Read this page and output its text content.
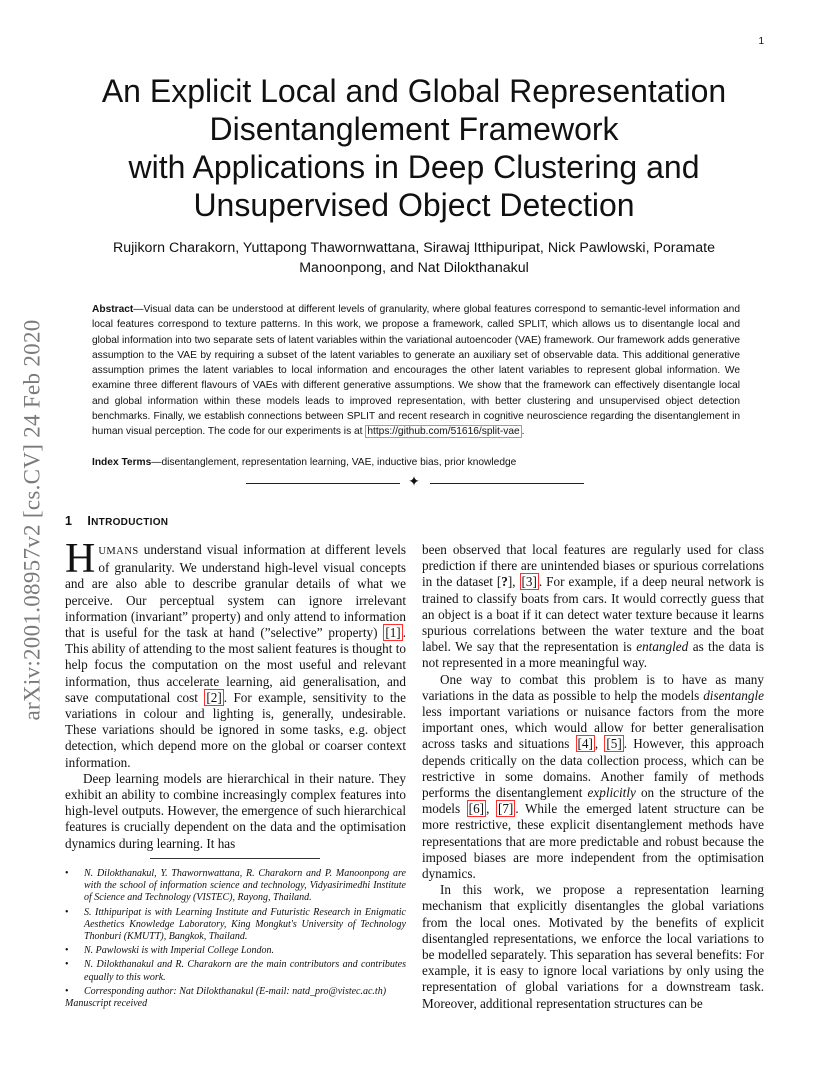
1
arXiv:2001.08957v2 [cs.CV] 24 Feb 2020
An Explicit Local and Global Representation
Disentanglement Framework
with Applications in Deep Clustering and
Unsupervised Object Detection
Rujikorn Charakorn, Yuttapong Thawornwattana, Sirawaj Itthipuripat, Nick Pawlowski, Poramate
Manoonpong, and Nat Dilokthanakul
Abstract—Visual data can be understood at different levels of granularity, where global features correspond to semantic-level information and local features correspond to texture patterns. In this work, we propose a framework, called SPLIT, which allows us to disentangle local and global information into two separate sets of latent variables within the variational autoencoder (VAE) framework. Our framework adds generative assumption to the VAE by requiring a subset of the latent variables to generate an auxiliary set of observable data. This additional generative assumption primes the latent variables to local information and encourages the other latent variables to represent global information. We examine three different flavours of VAEs with different generative assumptions. We show that the framework can effectively disentangle local and global information within these models leads to improved representation, with better clustering and unsupervised object detection benchmarks. Finally, we establish connections between SPLIT and recent research in cognitive neuroscience regarding the disentanglement in human visual perception. The code for our experiments is at https://github.com/51616/split-vae .
Index Terms—disentanglement, representation learning, VAE, inductive bias, prior knowledge
✦
1 INTRODUCTION

HUMANS understand visual information at different levels of granularity. We understand high-level visual concepts and are also able to describe granular details of what we perceive. Our perceptual system can ignore irrelevant information (invariant” property) and only attend to information that is useful for the task at hand (”selective” property) [1] . This ability of attending to the most salient features is thought to help focus the computation on the most useful and relevant information, thus accelerate learning, aid generalisation, and save computational cost [2] . For example, sensitivity to the variations in colour and lighting is, generally, undesirable. These variations should be ignored in some tasks, e.g. object detection, which depend more on the global or coarser context information.

Deep learning models are hierarchical in their nature. They exhibit an ability to combine increasingly complex features into high-level outputs. However, the emergence of such hierarchical features is crucially dependent on the data and the optimisation dynamics during learning. It has

been observed that local features are regularly used for class prediction if there are unintended biases or spurious correlations in the dataset [?], [3] . For example, if a deep neural network is trained to classify boats from cars. It would correctly guess that an object is a boat if it can detect water texture because it learns spurious correlations between the water texture and the boat label. We say that the representation is entangled as the data is not represented in a more meaningful way.

One way to combat this problem is to have as many variations in the data as possible to help the models disentangle less important variations or nuisance factors from the more important ones, which would allow for better generalisation across tasks and situations [4] , [5] . However, this approach depends critically on the data collection process, which can be restrictive in some domains. Another family of methods performs the disentanglement explicitly on the structure of the models [6] , [7] . While the emerged latent structure can be more restrictive, these explicit disentanglement methods have representations that are more predictable and robust because the imposed biases are more independent from the optimisation dynamics.

In this work, we propose a representation learning mechanism that explicitly disentangles the global variations from the local ones. Motivated by the benefits of explicit disentangled representations, we enforce the local variations to be modelled separately. This separation has several benefits: For example, it is easy to ignore local variations by only using the representation of global variations for a downstream task. Moreover, additional representation structures can be

• N. Dilokthanakul, Y. Thawornwattana, R. Charakorn and P. Manoonpong are with the school of information science and technology, Vidyasirimedhi Institute of Science and Technology (VISTEC), Rayong, Thailand.
• S. Itthipuripat is with Learning Institute and Futuristic Research in Enigmatic Aesthetics Knowledge Laboratory, King Mongkut's University of Technology Thonburi (KMUTT), Bangkok, Thailand.
• N. Pawlowski is with Imperial College London.
• N. Dilokthanakul and R. Charakorn are the main contributors and contributes equally to this work.
• Corresponding author: Nat Dilokthanakul (E-mail: natd_pro@vistec.ac.th)
Manuscript received
